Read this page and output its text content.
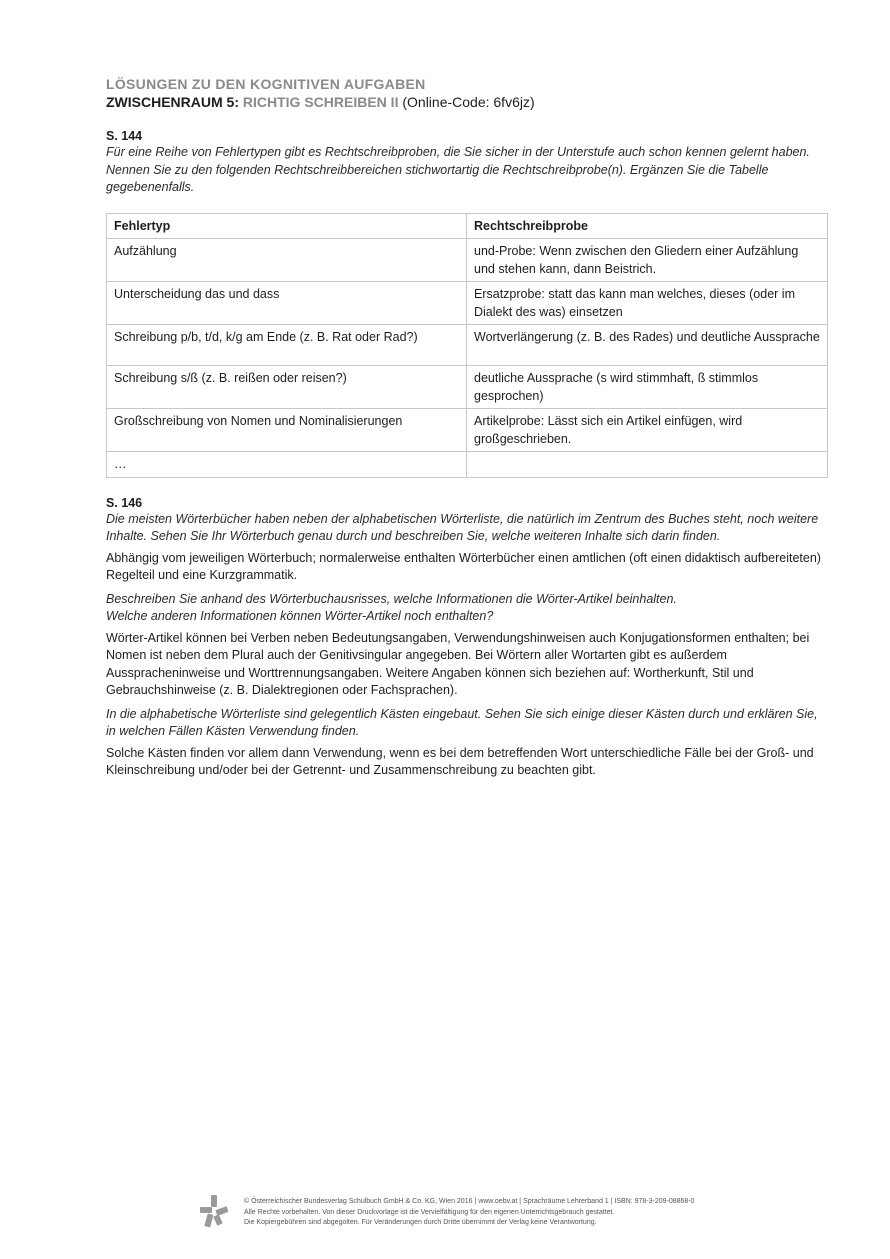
LÖSUNGEN ZU DEN KOGNITIVEN AUFGABEN
ZWISCHENRAUM 5: RICHTIG SCHREIBEN II (Online-Code: 6fv6jz)
S. 144
Für eine Reihe von Fehlertypen gibt es Rechtschreibproben, die Sie sicher in der Unterstufe auch schon kennen gelernt haben. Nennen Sie zu den folgenden Rechtschreibbereichen stichwortartig die Rechtschreibprobe(n). Ergänzen Sie die Tabelle gegebenenfalls.
Fehlertyp	Rechtschreibprobe
Aufzählung	und-Probe: Wenn zwischen den Gliedern einer Aufzählung und stehen kann, dann Beistrich.
Unterscheidung das und dass	Ersatzprobe: statt das kann man welches, dieses (oder im Dialekt des was) einsetzen
Schreibung p/b, t/d, k/g am Ende (z. B. Rat oder Rad?)	Wortverlängerung (z. B. des Rades) und deutliche Aussprache
Schreibung s/ß (z. B. reißen oder reisen?)	deutliche Aussprache (s wird stimmhaft, ß stimmlos gesprochen)
Großschreibung von Nomen und Nominalisierungen	Artikelprobe: Lässt sich ein Artikel einfügen, wird großgeschrieben.
…	
S. 146
Die meisten Wörterbücher haben neben der alphabetischen Wörterliste, die natürlich im Zentrum des Buches steht, noch weitere Inhalte. Sehen Sie Ihr Wörterbuch genau durch und beschreiben Sie, welche weiteren Inhalte sich darin finden.
Abhängig vom jeweiligen Wörterbuch; normalerweise enthalten Wörterbücher einen amtlichen (oft einen didaktisch aufbereiteten) Regelteil und eine Kurzgrammatik.
Beschreiben Sie anhand des Wörterbuchausrisses, welche Informationen die Wörter-Artikel beinhalten.
Welche anderen Informationen können Wörter-Artikel noch enthalten?
Wörter-Artikel können bei Verben neben Bedeutungsangaben, Verwendungshinweisen auch Konjugationsformen enthalten; bei Nomen ist neben dem Plural auch der Genitivsingular angegeben. Bei Wörtern aller Wortarten gibt es außerdem Ausspracheninweise und Worttrennungsangaben. Weitere Angaben können sich beziehen auf: Wortherkunft, Stil und Gebrauchshinweise (z. B. Dialektregionen oder Fachsprachen).
In die alphabetische Wörterliste sind gelegentlich Kästen eingebaut. Sehen Sie sich einige dieser Kästen durch und erklären Sie, in welchen Fällen Kästen Verwendung finden.
Solche Kästen finden vor allem dann Verwendung, wenn es bei dem betreffenden Wort unterschiedliche Fälle bei der Groß- und Kleinschreibung und/oder bei der Getrennt- und Zusammenschreibung zu beachten gibt.
© Österreichischer Bundesverlag Schulbuch GmbH & Co. KG, Wien 2016 | www.oebv.at | Sprachräume Lehrerband 1 | ISBN: 978-3-209-08868-0
Alle Rechte vorbehalten. Von dieser Druckvorlage ist die Vervielfältigung für den eigenen Unterrichtsgebrauch gestattet.
Die Kopiergebühren sind abgegolten. Für Veränderungen durch Dritte übernimmt der Verlag keine Verantwortung.
